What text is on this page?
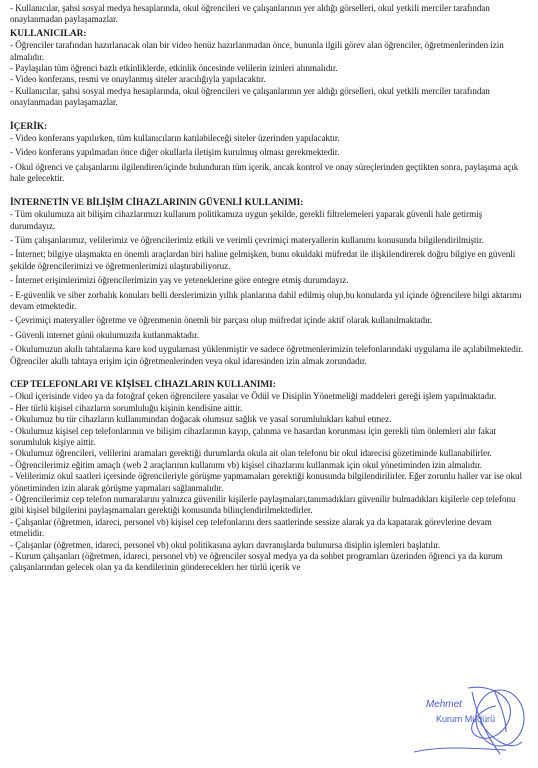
- Kullanıcılar, şahsi sosyal medya hesaplarında, okul öğrencileri ve çalışanlarının yer aldığı görselleri, okul yetkili merciler tarafından onaylanmadan paylaşamazlar.

KULLANICILAR:

- Öğrenciler tarafından hazırlanacak olan bir video henüz hazırlanmadan önce, bununla ilgili görev alan öğrenciler, öğretmenlerinden izin almalıdır.

- Paylaşılan tüm öğrenci bazlı etkinliklerde, etkinlik öncesinde velilerin izinleri alınmalıdır.

- Video konferans, resmi ve onaylanmış siteler aracılığıyla yapılacaktır.

- Kullanıcılar, şahsi sosyal medya hesaplarında, okul öğrencileri ve çalışanlarının yer aldığı görselleri, okul yetkili merciler tarafından onaylanmadan paylaşamazlar.

İÇERİK:

- Video konferans yapılırken, tüm kullanıcıların katılabileceği siteler üzerinden yapılacaktır.

- Video konferans yapılmadan önce diğer okullarla iletişim kurulmuş olması gerekmektedir.

- Okul öğrenci ve çalışanlarını ilgilendiren/içinde bulunduran tüm içerik, ancak kontrol ve onay süreçlerinden geçtikten sonra, paylaşıma açık hale gelecektir.

İNTERNETİN VE BİLİŞİM CİHAZLARININ GÜVENLİ KULLANIMI:

- Tüm okulumuza ait bilişim cihazlarımızı kullanım politikamıza uygun şekilde, gerekli filtrelemeleri yaparak güvenli hale getirmiş durumdayız.

- Tüm çalışanlarımız, velilerimiz ve öğrencilerimiz etkili ve verimli çevrimiçi materyallerin kullanımı konusunda bilgilendirilmiştir.

- İnternet; bilgiye ulaşmakta en önemli araçlardan biri haline gelmişken, bunu okuldaki müfredat ile ilişkilendirerek doğru bilgiye en güvenli şekilde öğrencilerimizi ve öğretmenlerimizi ulaştırabiliyoruz.

- İnternet erişimlerimizi öğrencilerimizin yaş ve yeteneklerine göre entegre etmiş durumdayız.

- E-güvenlik ve siber zorbalık konuları belli derslerimizin yıllık planlarına dahil edilmiş olup,bu konularda yıl içinde öğrencilere bilgi aktarımı devam etmektedir.

- Çevrimiçi materyaller öğretme ve öğrenmenin önemli bir parçası olup müfredat içinde aktif olarak kullanılmaktadır.

- Güvenli internet günü okulumuzda kutlanmaktadır.

- Okulumuzun akıllı tahtalarına kare kod uygulaması yüklenmiştir ve sadece öğretmenlerimizin telefonlarındaki uygulama ile açılabilmektedir. Öğrenciler akıllı tahtaya erişim için öğretmenlerinden veya okul idaresinden izin almak zorundadır.

CEP TELEFONLARI VE KİŞİSEL CİHAZLARIN KULLANIMI:

- Okul içerisinde video ya da fotoğraf çeken öğrencilere yasalar ve Ödül ve Disiplin Yönetmeliği maddeleri gereği işlem yapılmaktadır.

- Her türlü kişisel cihazların sorumluluğu kişinin kendisine aittir.

- Okulumuz bu tür cihazların kullanımından doğacak olumsuz sağlık ve yasal sorumlulukları kabul etmez.

- Okulumuz kişisel cep telefonlarının ve bilişim cihazlarının kayıp, çalınma ve hasardan korunması için gerekli tüm önlemleri alır fakat sorumluluk kişiye aittir.

- Okulumuz öğrencileri, velilerini aramaları gerektiği durumlarda okula ait olan telefonu bir okul idarecisi gözetiminde kullanabilirler.

- Öğrencilerimiz eğitim amaçlı (web 2 araçlarının kullanımı vb) kişisel cihazlarını kullanmak için okul yönetiminden izin almalıdır.

- Velilerimiz okul saatleri içersinde öğrencileriyle görüşme yapmamaları gerektiği konusunda bilgilendirilirler. Eğer zorunlu haller var ise okul yönetiminden izin alarak görüşme yapmaları sağlanmalıdır.

- Öğrencilerimiz cep telefon numaralarını yalnızca güvenilir kişilerle paylaşmaları,tanımadıkları güvenilir bulmadıkları kişilerle cep telefonu gibi kişisel bilgilerini paylaşmamaları gerektiği konusunda bilinçlendirilmektedirler.

- Çalışanlar (öğretmen, idareci, personel vb) kişisel cep telefonlarını ders saatlerinde sessize alarak ya da kapatarak görevlerine devam etmelidir.

- Çalışanlar (öğretmen, idareci, personel vb) okul politikasına aykırı davranışlarda bulunursa disiplin işlemleri başlatılır.

- Kurum çalışanları (öğretmen, idareci, personel vb) ve öğrenciler sosyal medya ya da sohbet programları üzerinden öğrenci ya da kurum çalışanlarından gelecek olan ya da kendilerinin göndereceklerı her türlü içerik ve

Mehmet
Kurum Müdürü
